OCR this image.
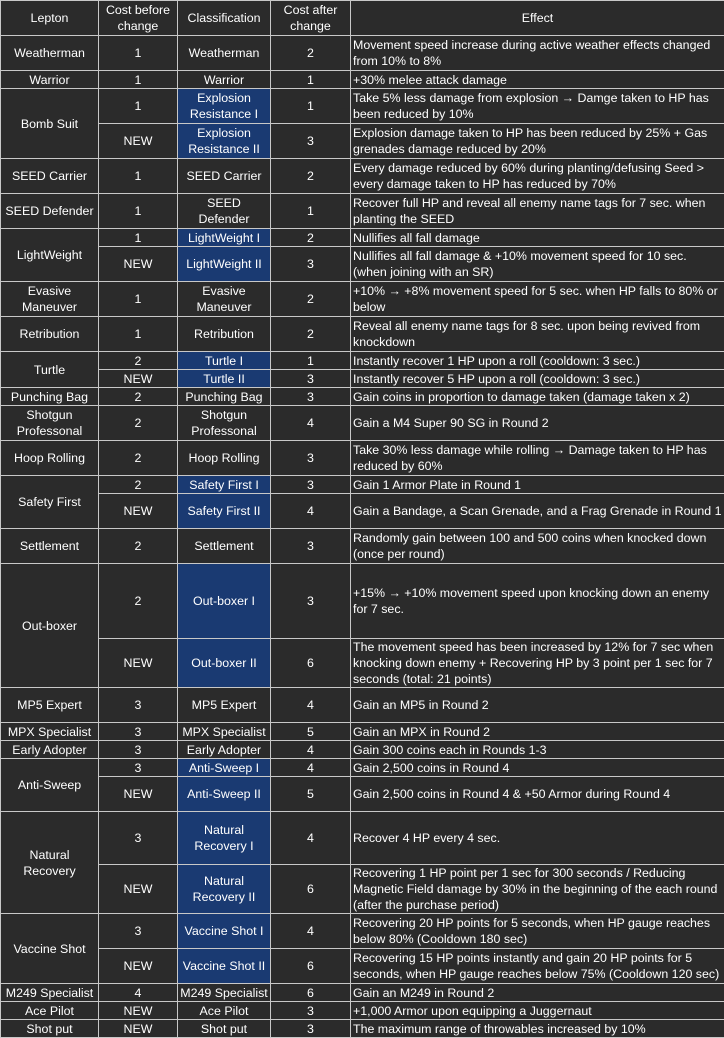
Lepton	Cost before change	Classification	Cost after change	Effect
Weatherman	1	Weatherman	2	Movement speed increase during active weather effects changed from 10% to 8%
Warrior	1	Warrior	1	+30% melee attack damage
Bomb Suit	1	Explosion Resistance I	1	Take 5% less damage from explosion → Damge taken to HP has been reduced by 10%
	NEW	Explosion Resistance II	3	Explosion damage taken to HP has been reduced by 25% + Gas grenades damage reduced by 20%
SEED Carrier	1	SEED Carrier	2	Every damage reduced by 60% during planting/defusing Seed > every damage taken to HP has reduced by 70%
SEED Defender	1	SEED Defender	1	Recover full HP and reveal all enemy name tags for 7 sec. when planting the SEED
LightWeight	1	LightWeight I	2	Nullifies all fall damage
	NEW	LightWeight II	3	Nullifies all fall damage & +10% movement speed for 10 sec. (when joining with an SR)
Evasive Maneuver	1	Evasive Maneuver	2	+10% → +8% movement speed for 5 sec. when HP falls to 80% or below
Retribution	1	Retribution	2	Reveal all enemy name tags for 8 sec. upon being revived from knockdown
Turtle	2	Turtle I	1	Instantly recover 1 HP upon a roll (cooldown: 3 sec.)
	NEW	Turtle II	3	Instantly recover 5 HP upon a roll (cooldown: 3 sec.)
Punching Bag	2	Punching Bag	3	Gain coins in proportion to damage taken (damage taken x 2)
Shotgun Professonal	2	Shotgun Professonal	4	Gain a M4 Super 90 SG in Round 2
Hoop Rolling	2	Hoop Rolling	3	Take 30% less damage while rolling → Damage taken to HP has reduced by 60%
Safety First	2	Safety First I	3	Gain 1 Armor Plate in Round 1
	NEW	Safety First II	4	Gain a Bandage, a Scan Grenade, and a Frag Grenade in Round 1
Settlement	2	Settlement	3	Randomly gain between 100 and 500 coins when knocked down (once per round)
Out-boxer	2	Out-boxer I	3	+15% → +10% movement speed upon knocking down an enemy for 7 sec.
	NEW	Out-boxer II	6	The movement speed has been increased by 12% for 7 sec when knocking down enemy + Recovering HP by 3 point per 1 sec for 7 seconds (total: 21 points)
MP5 Expert	3	MP5 Expert	4	Gain an MP5 in Round 2
MPX Specialist	3	MPX Specialist	5	Gain an MPX in Round 2
Early Adopter	3	Early Adopter	4	Gain 300 coins each in Rounds 1-3
Anti-Sweep	3	Anti-Sweep I	4	Gain 2,500 coins in Round 4
	NEW	Anti-Sweep II	5	Gain 2,500 coins in Round 4 & +50 Armor during Round 4
Natural Recovery	3	Natural Recovery I	4	Recover 4 HP every 4 sec.
	NEW	Natural Recovery II	6	Recovering 1 HP point per 1 sec for 300 seconds / Reducing Magnetic Field damage by 30% in the beginning of the each round (after the purchase period)
Vaccine Shot	3	Vaccine Shot I	4	Recovering 20 HP points for 5 seconds, when HP gauge reaches below 80% (Cooldown 180 sec)
	NEW	Vaccine Shot II	6	Recovering 15 HP points instantly and gain 20 HP points for 5 seconds, when HP gauge reaches below 75% (Cooldown 120 sec)
M249 Specialist	4	M249 Specialist	6	Gain an M249 in Round 2
Ace Pilot	NEW	Ace Pilot	3	+1,000 Armor upon equipping a Juggernaut
Shot put	NEW	Shot put	3	The maximum range of throwables increased by 10%
